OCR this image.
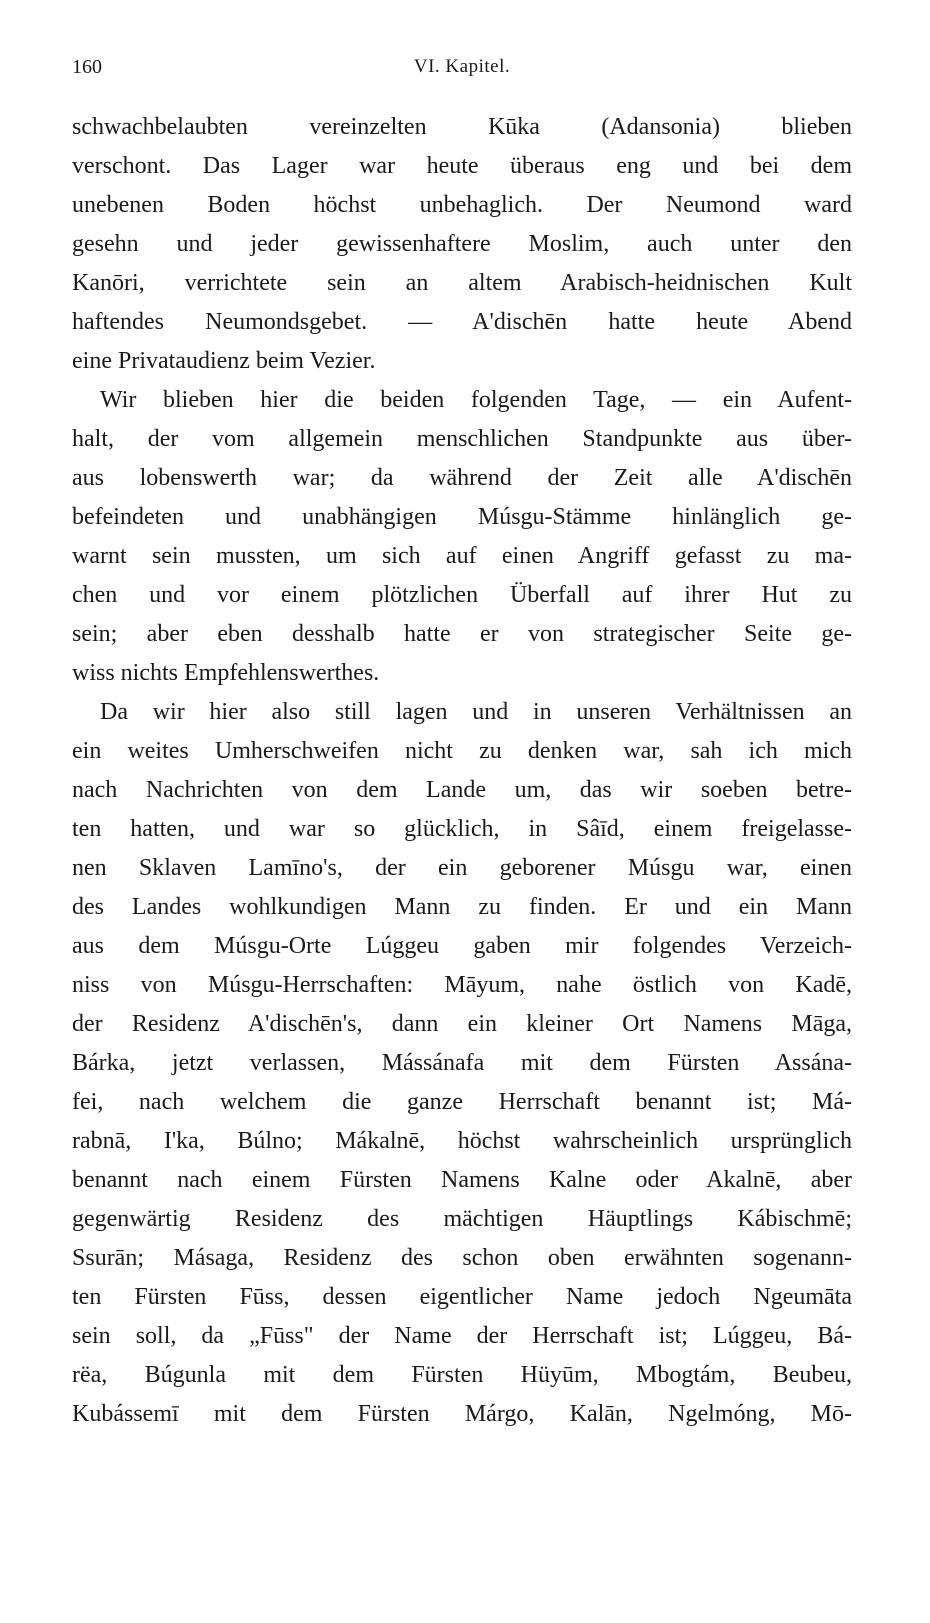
160	VI. Kapitel.
schwachbelaubten vereinzelten Kūka (Adansonia) blieben
verschont. Das Lager war heute überaus eng und bei dem
unebenen Boden höchst unbehaglich. Der Neumond ward
gesehn und jeder gewissenhaftere Moslim, auch unter den
Kanōri, verrichtete sein an altem Arabisch-heidnischen Kult
haftendes Neumondsgebet. — A'dischēn hatte heute Abend
eine Privataudienz beim Vezier.
Wir blieben hier die beiden folgenden Tage, — ein Aufent-
halt, der vom allgemein menschlichen Standpunkte aus über-
aus lobenswerth war; da während der Zeit alle A'dischēn
befeindeten und unabhängigen Músgu-Stämme hinlänglich ge-
warnt sein mussten, um sich auf einen Angriff gefasst zu ma-
chen und vor einem plötzlichen Überfall auf ihrer Hut zu
sein; aber eben desshalb hatte er von strategischer Seite ge-
wiss nichts Empfehlenswerthes.
Da wir hier also still lagen und in unseren Verhältnissen an
ein weites Umherschweifen nicht zu denken war, sah ich mich
nach Nachrichten von dem Lande um, das wir soeben betre-
ten hatten, und war so glücklich, in Sâīd, einem freigelasse-
nen Sklaven Lamīno's, der ein geborener Músgu war, einen
des Landes wohlkundigen Mann zu finden. Er und ein Mann
aus dem Músgu-Orte Lúggeu gaben mir folgendes Verzeich-
niss von Músgu-Herrschaften: Māyum, nahe östlich von Kadē,
der Residenz A'dischēn's, dann ein kleiner Ort Namens Māga,
Bárka, jetzt verlassen, Mássánafa mit dem Fürsten Assána-
fei, nach welchem die ganze Herrschaft benannt ist; Má-
rabnā, I'ka, Búlno; Mákalnē, höchst wahrscheinlich ursprünglich
benannt nach einem Fürsten Namens Kalne oder Akalnē, aber
gegenwärtig Residenz des mächtigen Häuptlings Kábischmē;
Ssurān; Másaga, Residenz des schon oben erwähnten sogenann-
ten Fürsten Fūss, dessen eigentlicher Name jedoch Ngeumāta
sein soll, da „Fūss" der Name der Herrschaft ist; Lúggeu, Bá-
rëa, Búgunla mit dem Fürsten Hüyūm, Mbogtám, Beubeu,
Kubássemī mit dem Fürsten Márgo, Kalān, Ngelmóng, Mō-
